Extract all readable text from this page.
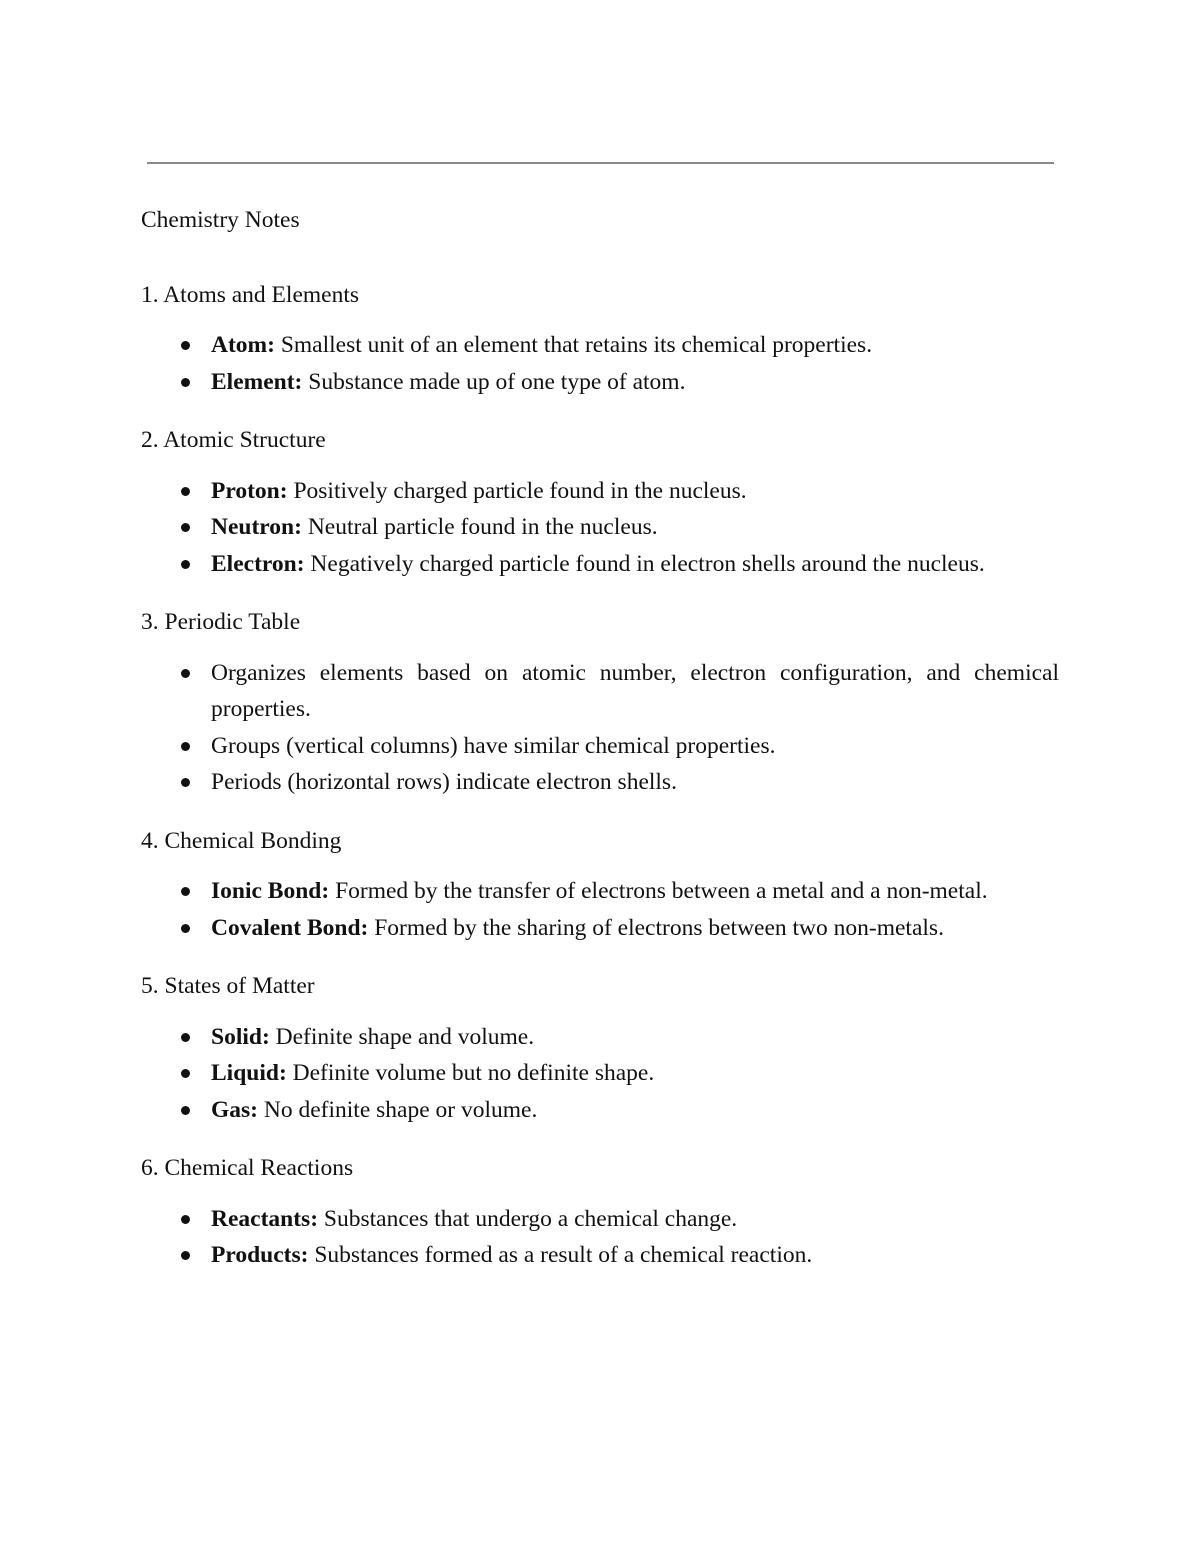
Chemistry Notes

1. Atoms and Elements

Atom: Smallest unit of an element that retains its chemical properties.
Element: Substance made up of one type of atom.

2. Atomic Structure

Proton: Positively charged particle found in the nucleus.
Neutron: Neutral particle found in the nucleus.
Electron: Negatively charged particle found in electron shells around the nucleus.

3. Periodic Table

Organizes elements based on atomic number, electron configuration, and chemical properties.
Groups (vertical columns) have similar chemical properties.
Periods (horizontal rows) indicate electron shells.

4. Chemical Bonding

Ionic Bond: Formed by the transfer of electrons between a metal and a non-metal.
Covalent Bond: Formed by the sharing of electrons between two non-metals.

5. States of Matter

Solid: Definite shape and volume.
Liquid: Definite volume but no definite shape.
Gas: No definite shape or volume.

6. Chemical Reactions

Reactants: Substances that undergo a chemical change.
Products: Substances formed as a result of a chemical reaction.
